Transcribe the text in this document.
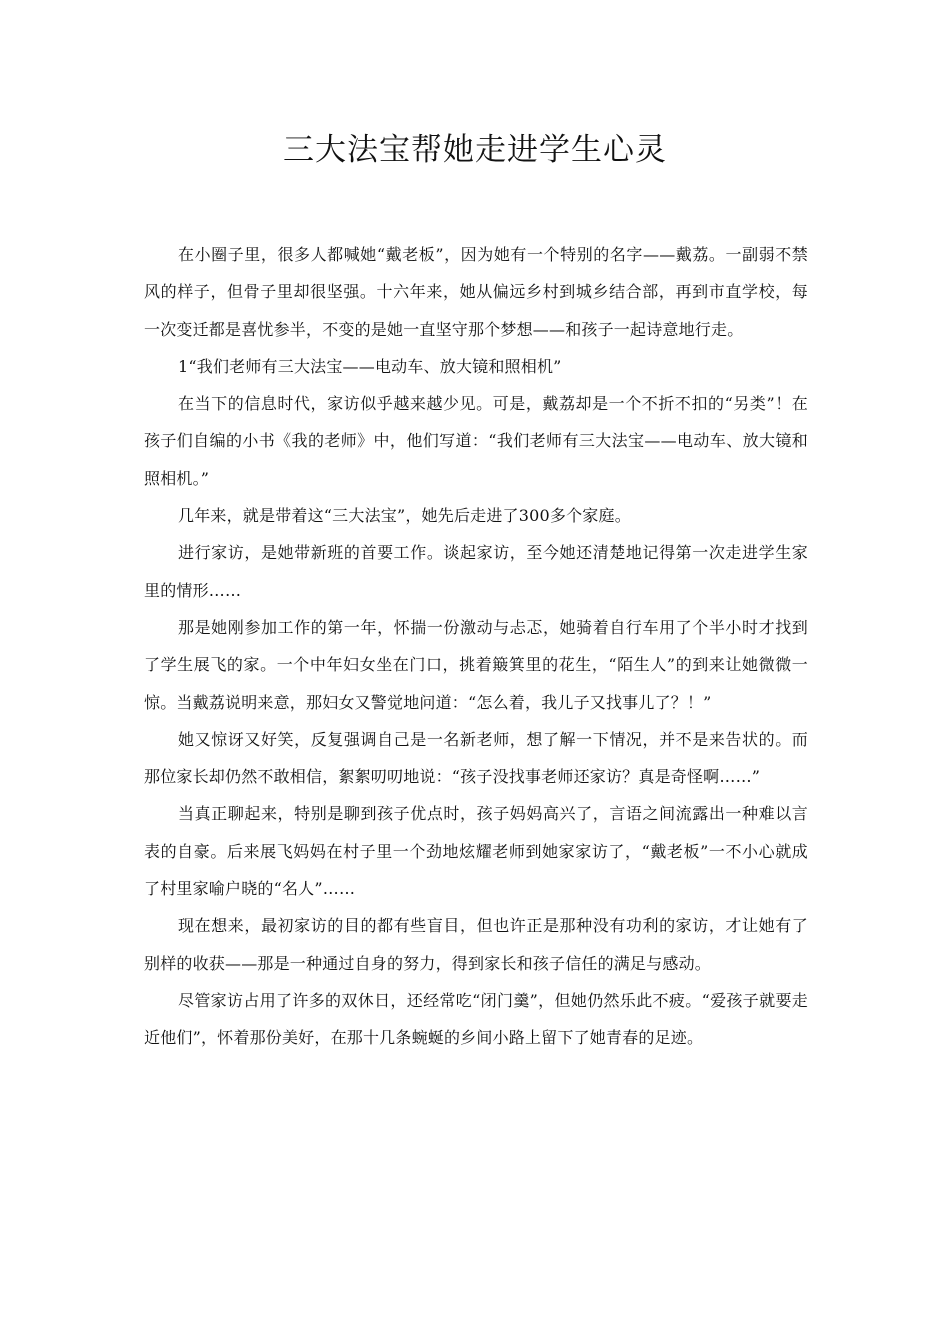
三大法宝帮她走进学生心灵

在小圈子里，很多人都喊她“戴老板”，因为她有一个特别的名字——戴荔。一副弱不禁风的样子，但骨子里却很坚强。十六年来，她从偏远乡村到城乡结合部，再到市直学校，每一次变迁都是喜忧参半，不变的是她一直坚守那个梦想——和孩子一起诗意地行走。

1“我们老师有三大法宝——电动车、放大镜和照相机”

在当下的信息时代，家访似乎越来越少见。可是，戴荔却是一个不折不扣的“另类”！在孩子们自编的小书《我的老师》中，他们写道：“我们老师有三大法宝——电动车、放大镜和照相机。”

几年来，就是带着这“三大法宝”，她先后走进了300多个家庭。

进行家访，是她带新班的首要工作。谈起家访，至今她还清楚地记得第一次走进学生家里的情形……

那是她刚参加工作的第一年，怀揣一份激动与忐忑，她骑着自行车用了个半小时才找到了学生展飞的家。一个中年妇女坐在门口，挑着簸箕里的花生，“陌生人”的到来让她微微一惊。当戴荔说明来意，那妇女又警觉地问道：“怎么着，我儿子又找事儿了？！”

她又惊讶又好笑，反复强调自己是一名新老师，想了解一下情况，并不是来告状的。而那位家长却仍然不敢相信，絮絮叨叨地说：“孩子没找事老师还家访？真是奇怪啊……”

当真正聊起来，特别是聊到孩子优点时，孩子妈妈高兴了，言语之间流露出一种难以言表的自豪。后来展飞妈妈在村子里一个劲地炫耀老师到她家家访了，“戴老板”一不小心就成了村里家喻户晓的“名人”……

现在想来，最初家访的目的都有些盲目，但也许正是那种没有功利的家访，才让她有了别样的收获——那是一种通过自身的努力，得到家长和孩子信任的满足与感动。

尽管家访占用了许多的双休日，还经常吃“闭门羹”，但她仍然乐此不疲。“爱孩子就要走近他们”，怀着那份美好，在那十几条蜿蜒的乡间小路上留下了她青春的足迹。
